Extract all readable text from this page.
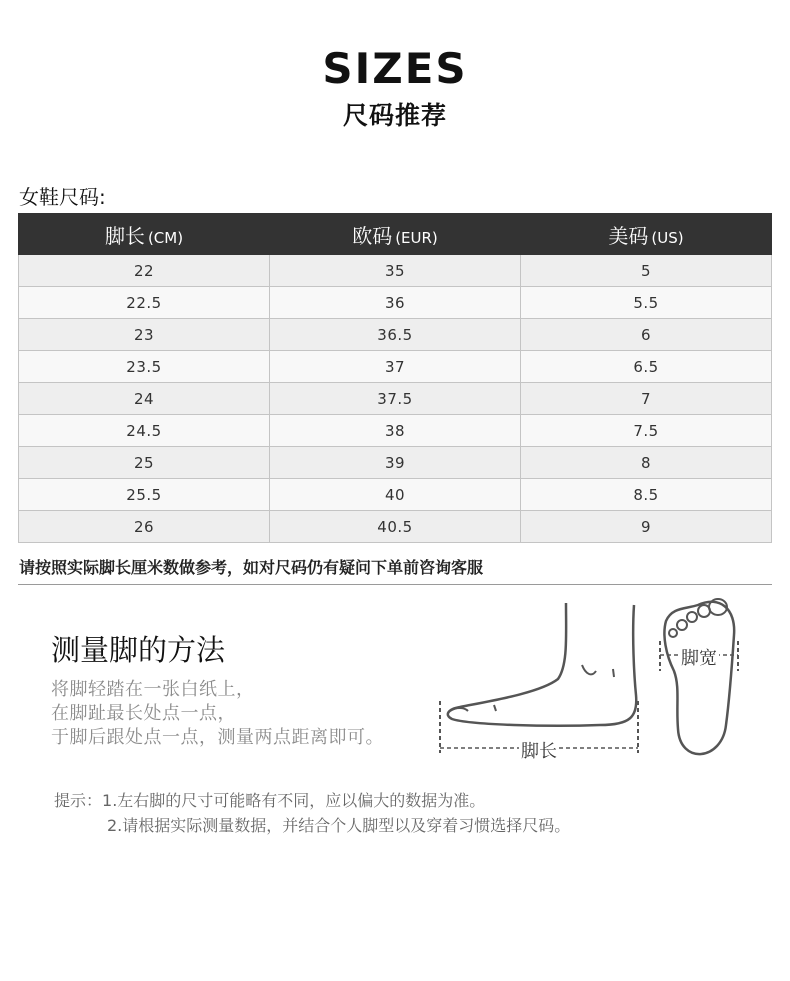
SIZES
尺码推荐
女鞋尺码:
脚长 (CM)	欧码 (EUR)	美码 (US)
22	35	5
22.5	36	5.5
23	36.5	6
23.5	37	6.5
24	37.5	7
24.5	38	7.5
25	39	8
25.5	40	8.5
26	40.5	9
请按照实际脚长厘米数做参考，如对尺码仍有疑问下单前咨询客服
测量脚的方法
将脚轻踏在一张白纸上，
在脚趾最长处点一点，
于脚后跟处点一点，测量两点距离即可。
脚长
脚宽
提示：1.左右脚的尺寸可能略有不同，应以偏大的数据为准。
2.请根据实际测量数据，并结合个人脚型以及穿着习惯选择尺码。
